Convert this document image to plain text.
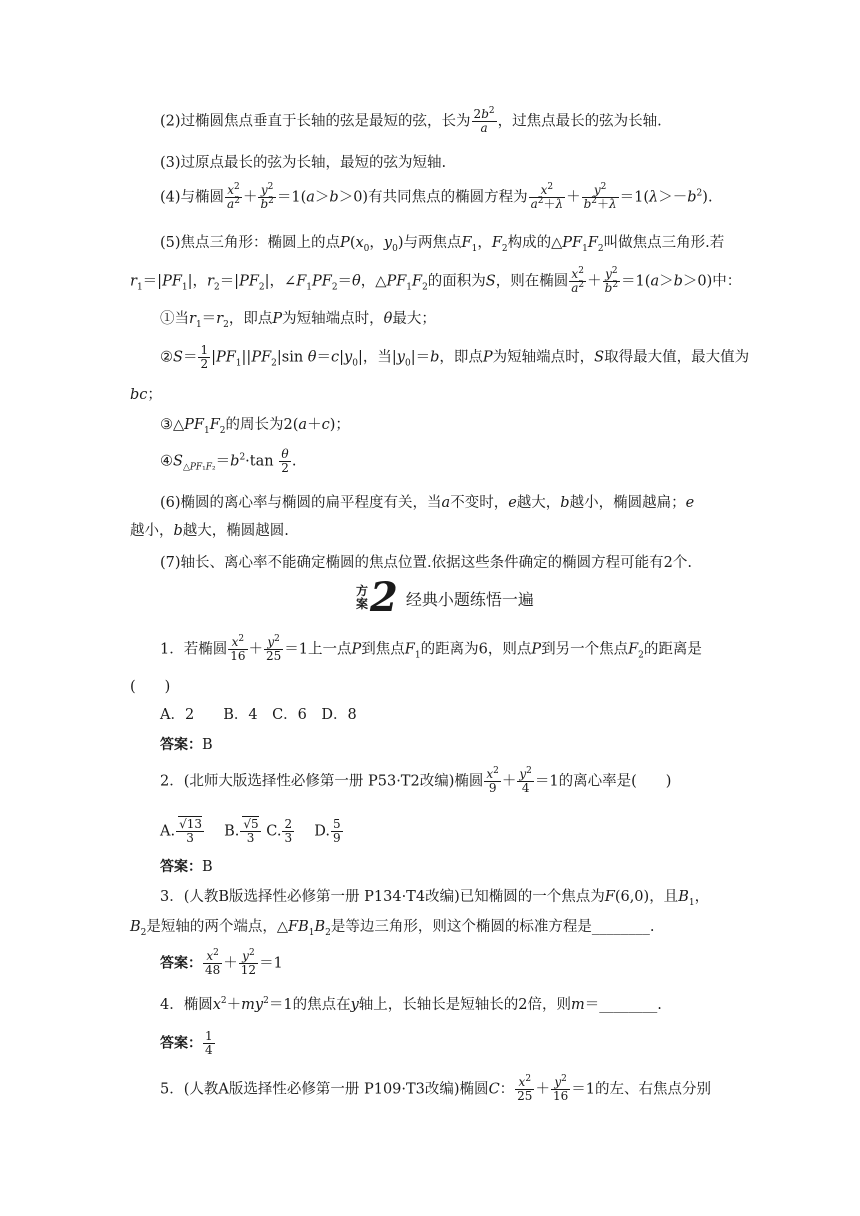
(2)过椭圆焦点垂直于长轴的弦是最短的弦，长为 $\frac{2b^2}{a}$ ，过焦点最长的弦为长轴.
(3)过原点最长的弦为长轴，最短的弦为短轴.
(4)与椭圆 $\frac{x^2}{a^2} + \frac{y^2}{b^2} =1(a>b>0)$有共同焦点的椭圆方程为 $\frac{x^2}{a^2+\lambda} + \frac{y^2}{b^2+\lambda} =1(\lambda>-b^2)$.
(5)焦点三角形：椭圆上的点$P(x_0$，$y_0$)与两焦点$F_1$，$F_2$构成的$\triangle PF_1F_2$叫做焦点三角形.若
$r_1=|PF_1|$，$r_2=|PF_2|$，$\angle F_1PF_2=\theta$，$\triangle PF_1F_2$的面积为S，则在椭圆 $\frac{x^2}{a^2} + \frac{y^2}{b^2} =1(a>b>0)$中：
①当$r_1=r_2$，即点P为短轴端点时，θ最大；
②S＝ $\frac{1}{2} |PF_1||PF_2|\sin$ $\theta=c|y_0|$，当$|y_0|=b$，即点P为短轴端点时，S取得最大值，最大值为
bc；
$③\triangle PF_1F_2$的周长为2(a＋c)；
$④S_{\triangle PF_1F_2}=b^2\cdot\tan \frac{\theta}{2}$ .
(6)椭圆的离心率与椭圆的扁平程度有关，当a不变时，e越大，b越小，椭圆越扁；e
越小，b越大，椭圆越圆.
(7)轴长、离心率不能确定椭圆的焦点位置.依据这些条件确定的椭圆方程可能有2个.
方
案 2 经典小题练悟一遍
1．若椭圆 $\frac{x^2}{16} + \frac{y^2}{25} =1$上一点P到焦点$F_1$的距离为6，则点P到另一个焦点$F_2$的距离是
(　　)
A．2　　B．4　C．6　D．8
答案：B
2．(北师大版选择性必修第一册 P53·T2改编)椭圆 $\frac{x^2}{9} + \frac{y^2}{4} =1$的离心率是(　　)
A. $\frac{√13}{3}$ 　 B. $\frac{√5}{3} C$. $\frac{2}{3}$ 　 D. $\frac{5}{9}$
答案：B
3．(人教B版选择性必修第一册 P134·T4改编)已知椭圆的一个焦点为F(6,0)，且$B_1$，
$B_2$是短轴的两个端点，$\triangle FB_1B_2$是等边三角形，则这个椭圆的标准方程是________.
答案： $\frac{x^2}{48} + \frac{y^2}{12} =1$
4．椭圆$x^2+my^2=1$的焦点在y轴上，长轴长是短轴长的2倍，则m＝________.
答案： $\frac{1}{4}$
5．(人教A版选择性必修第一册 P109·T3改编)椭圆C： $\frac{x^2}{25} + \frac{y^2}{16} =1$的左、右焦点分别
